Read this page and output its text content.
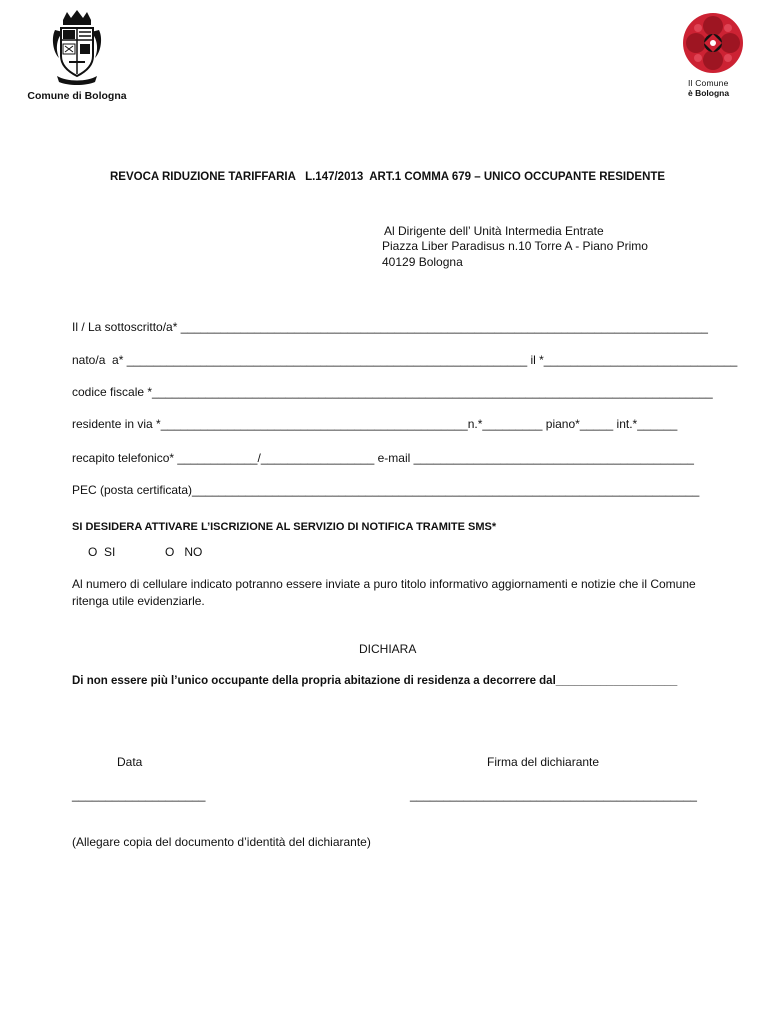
Comune di Bologna
Il Comune
è Bologna
REVOCA RIDUZIONE TARIFFARIA   L.147/2013  ART.1 COMMA 679 – UNICO OCCUPANTE RESIDENTE
Al Dirigente dell’ Unità Intermedia Entrate
Piazza Liber Paradisus n.10 Torre A - Piano Primo
40129 Bologna
Il / La sottoscritto/a* _______________________________________________________________________________
nato/a  a* ____________________________________________________________ il *_____________________________
codice fiscale *____________________________________________________________________________________
residente in via *______________________________________________n.*_________ piano*_____ int.*______
recapito telefonico* ____________/_________________ e-mail __________________________________________
PEC (posta certificata)____________________________________________________________________________
SI DESIDERA ATTIVARE L’ISCRIZIONE AL SERVIZIO DI NOTIFICA TRAMITE SMS*
O  SI	O   NO
Al numero di cellulare indicato potranno essere inviate a puro titolo informativo aggiornamenti e notizie che il Comune
ritenga utile evidenziarle.
DICHIARA
Di non essere più l’unico occupante della propria abitazione di residenza a decorrere dal___________________
Data	Firma del dichiarante
____________________	___________________________________________
(Allegare copia del documento d’identità del dichiarante)
